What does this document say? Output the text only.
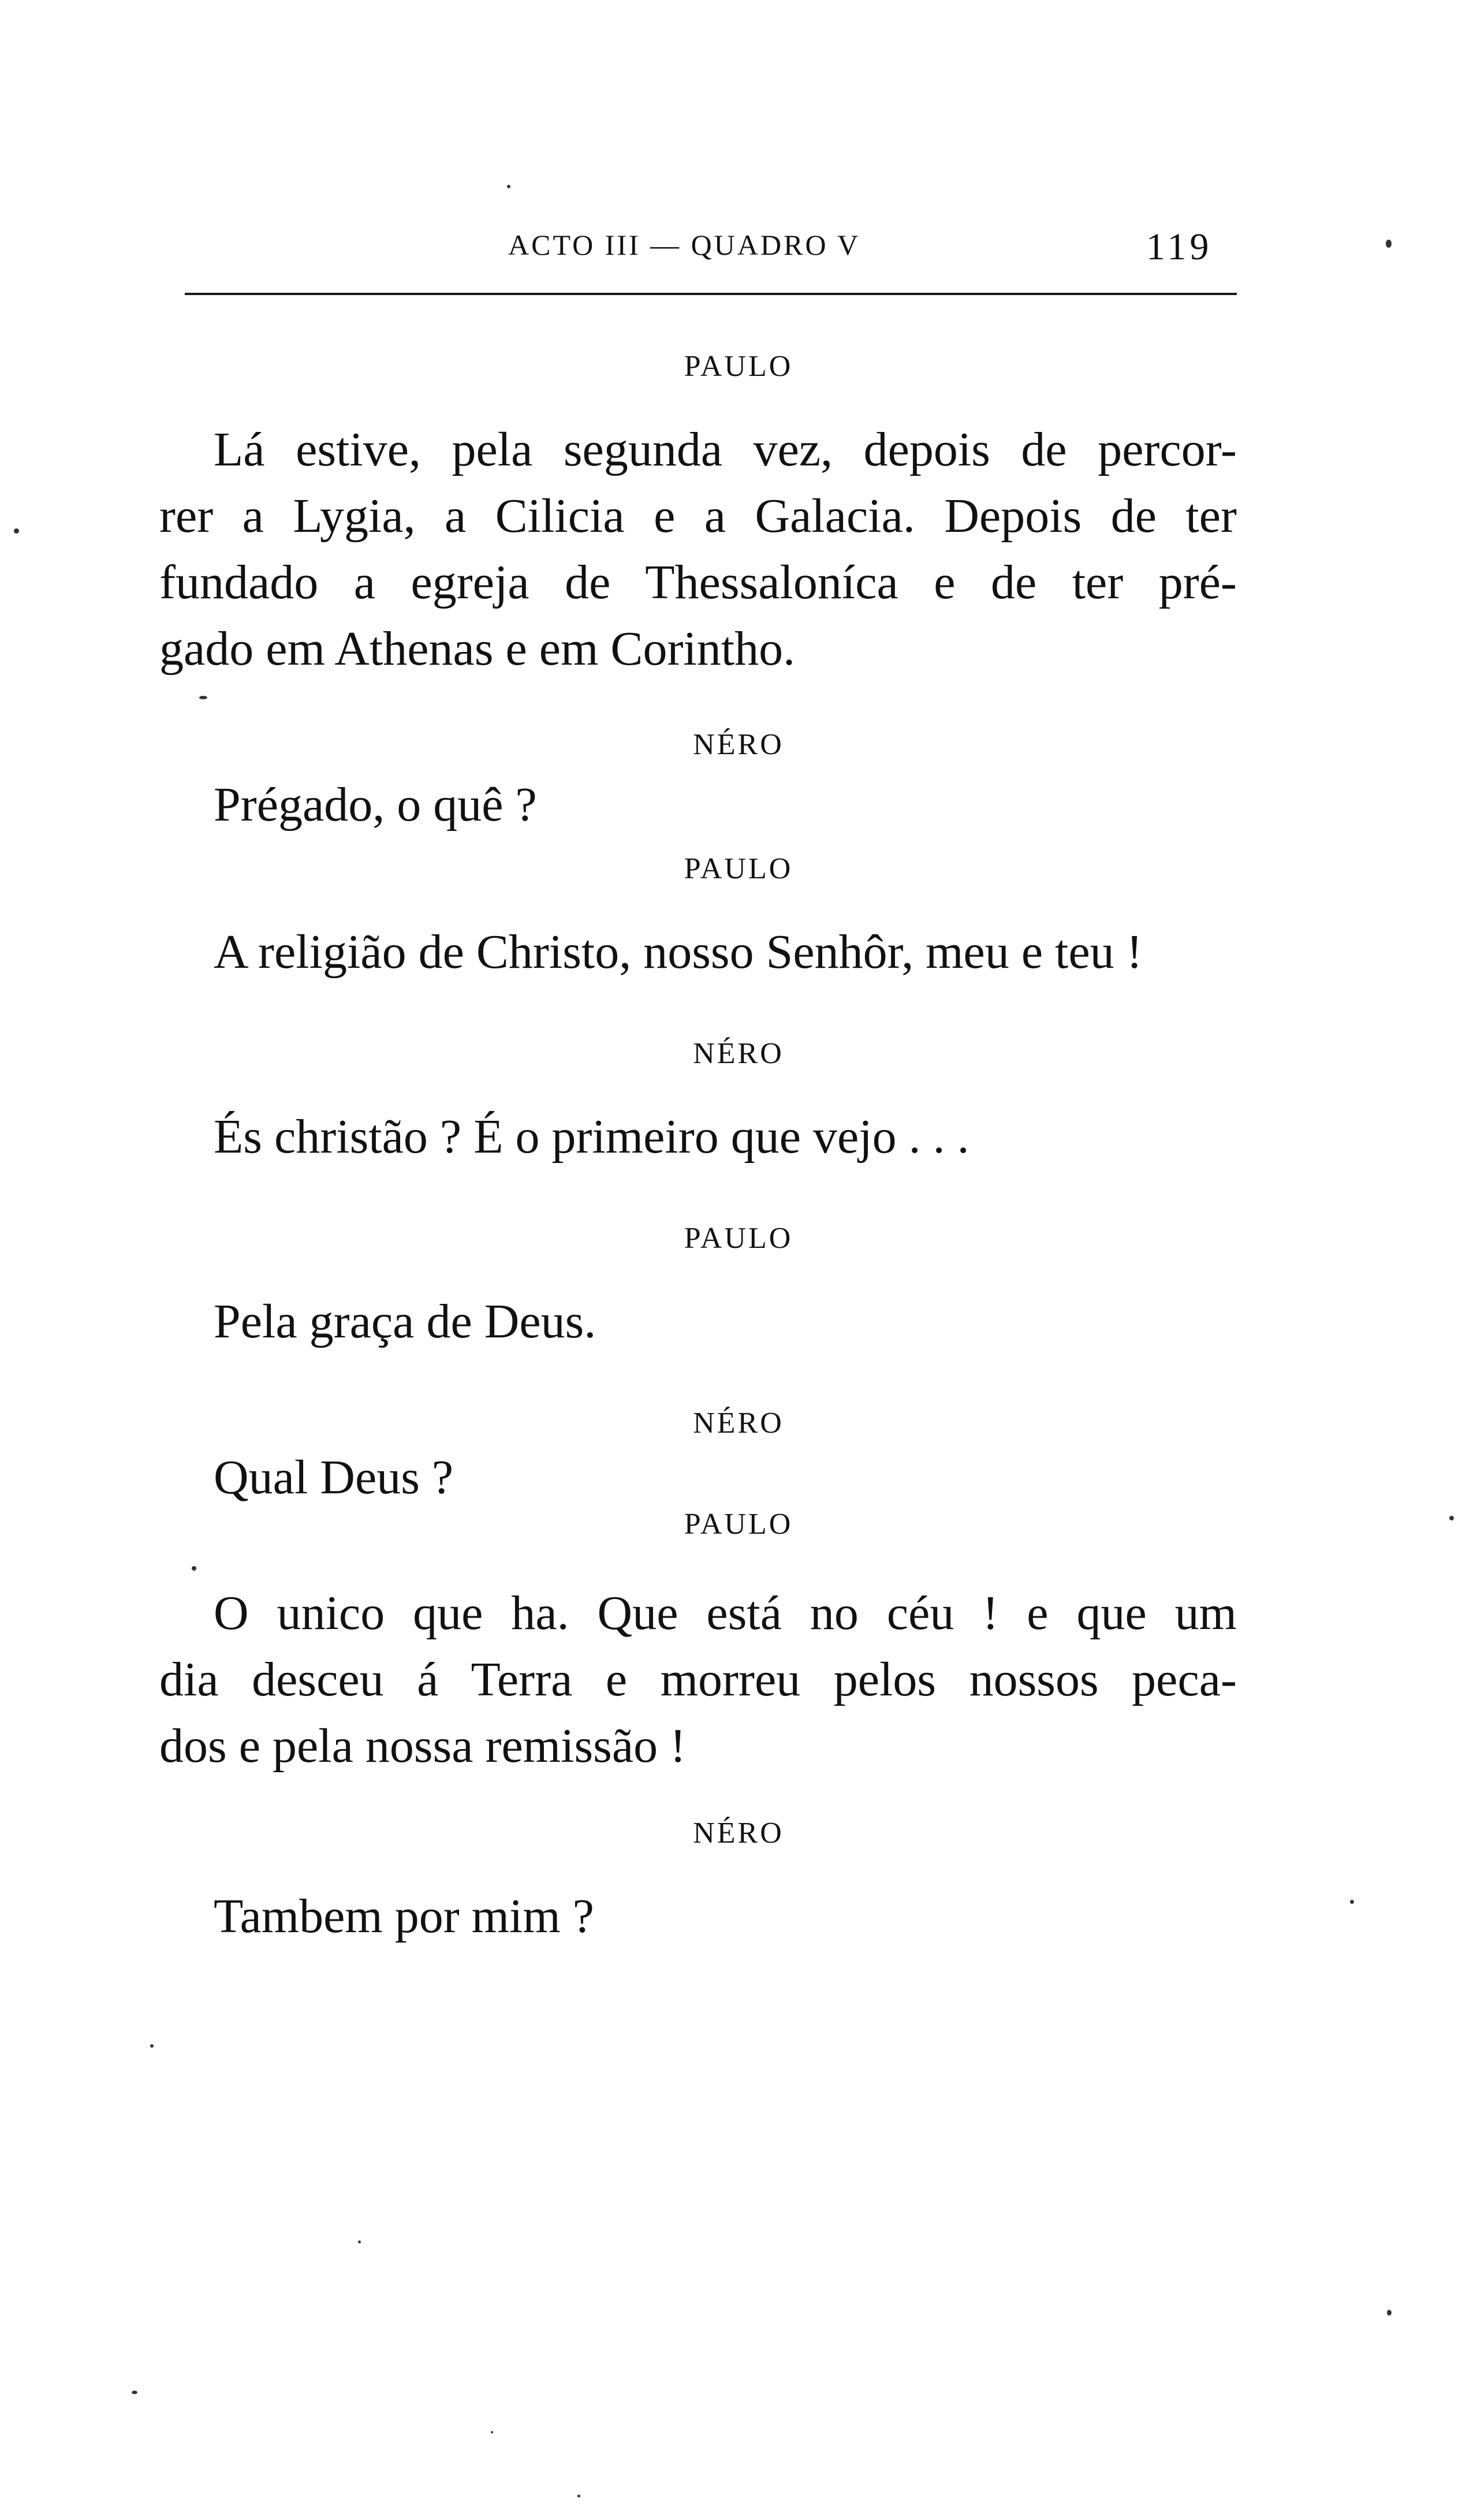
ACTO III — QUADRO V	119
PAULO
Lá estive, pela segunda vez, depois de percor-
rer a Lygia, a Cilicia e a Galacia. Depois de ter
fundado a egreja de Thessaloníca e de ter pré-
gado em Athenas e em Corintho.
NÉRO
Prégado, o quê ?
PAULO
A religião de Christo, nosso Senhôr, meu e teu !
NÉRO
És christão ? É o primeiro que vejo . . .
PAULO
Pela graça de Deus.
NÉRO
Qual Deus ?
PAULO
O unico que ha. Que está no céu ! e que um
dia desceu á Terra e morreu pelos nossos peca-
dos e pela nossa remissão !
NÉRO
Tambem por mim ?
